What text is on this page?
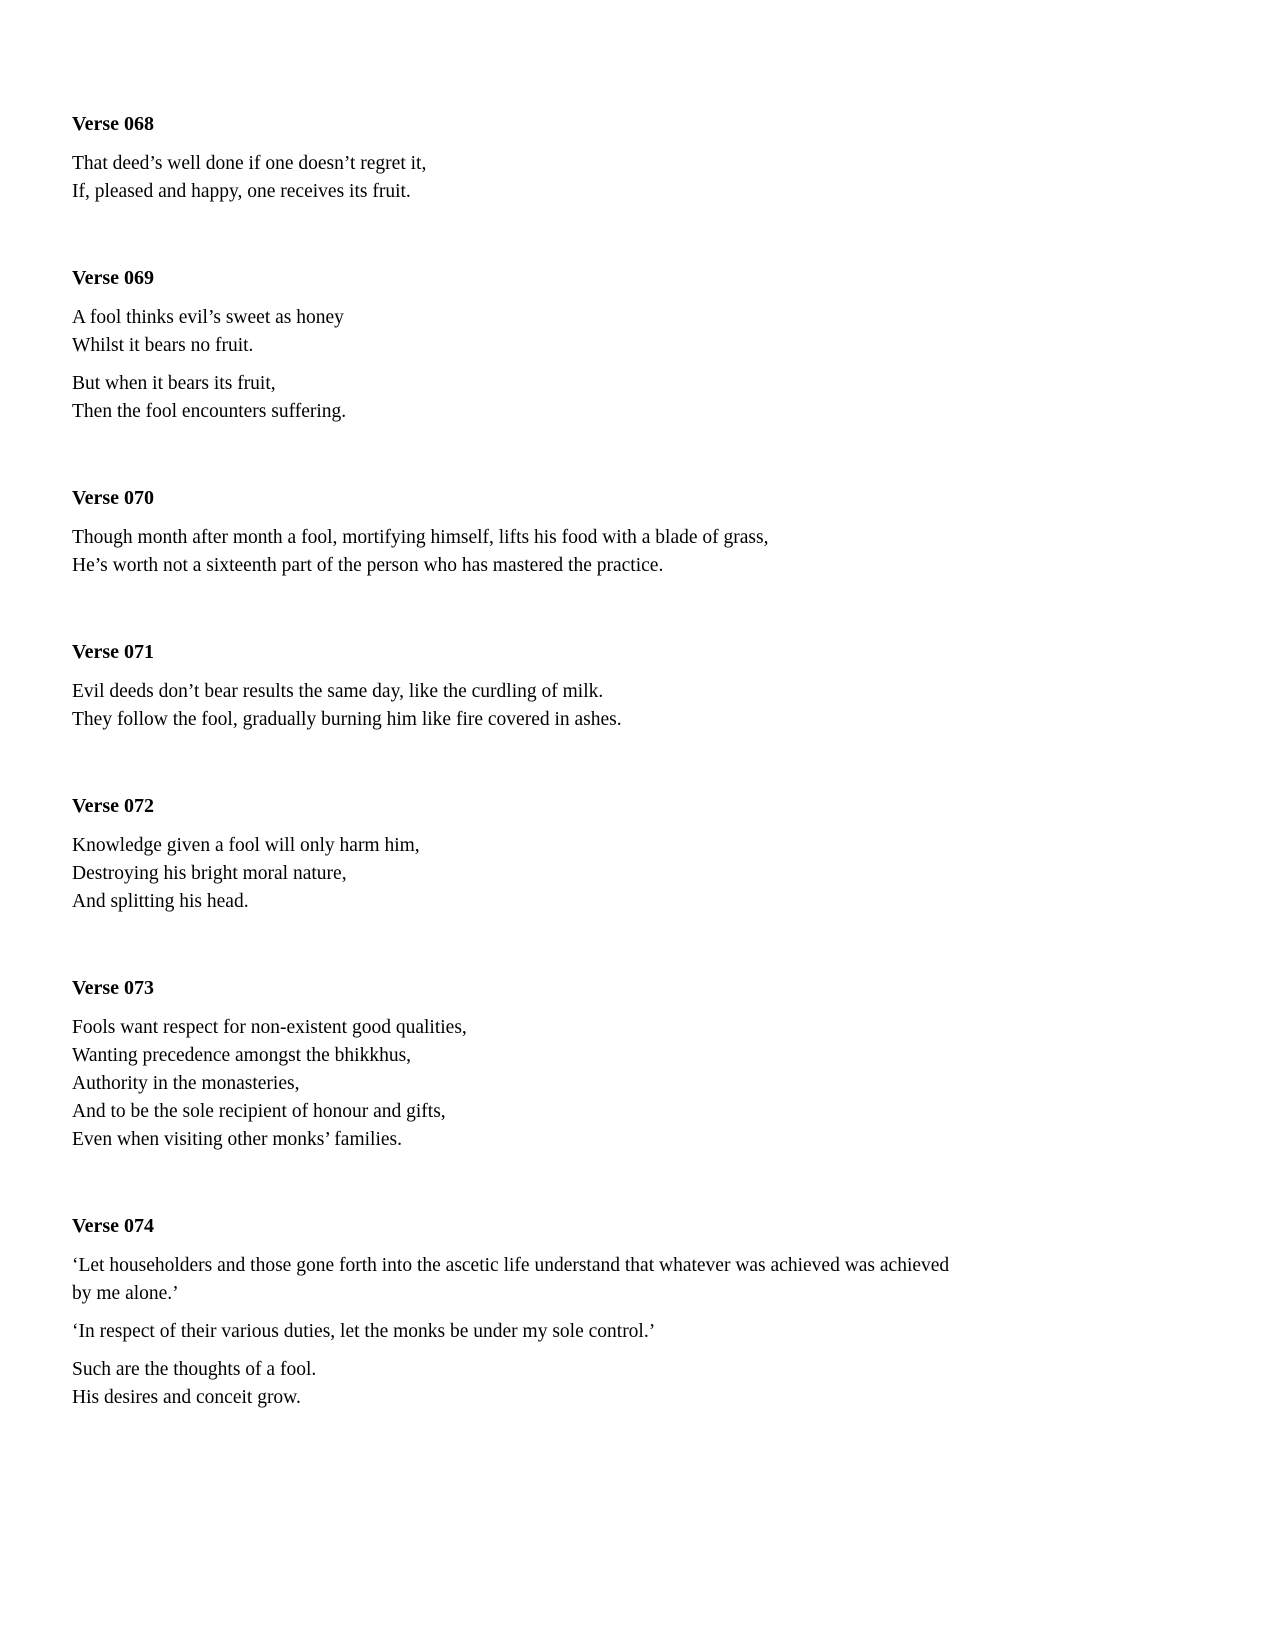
Verse 068

That deed’s well done if one doesn’t regret it,
If, pleased and happy, one receives its fruit.

Verse 069

A fool thinks evil’s sweet as honey
Whilst it bears no fruit.

But when it bears its fruit,
Then the fool encounters suffering.

Verse 070

Though month after month a fool, mortifying himself, lifts his food with a blade of grass,
He’s worth not a sixteenth part of the person who has mastered the practice.

Verse 071

Evil deeds don’t bear results the same day, like the curdling of milk.
They follow the fool, gradually burning him like fire covered in ashes.

Verse 072

Knowledge given a fool will only harm him,
Destroying his bright moral nature,
And splitting his head.

Verse 073

Fools want respect for non-existent good qualities,
Wanting precedence amongst the bhikkhus,
Authority in the monasteries,
And to be the sole recipient of honour and gifts,
Even when visiting other monks’ families.

Verse 074

‘Let householders and those gone forth into the ascetic life understand that whatever was achieved was achieved
by me alone.’

‘In respect of their various duties, let the monks be under my sole control.’

Such are the thoughts of a fool.
His desires and conceit grow.
